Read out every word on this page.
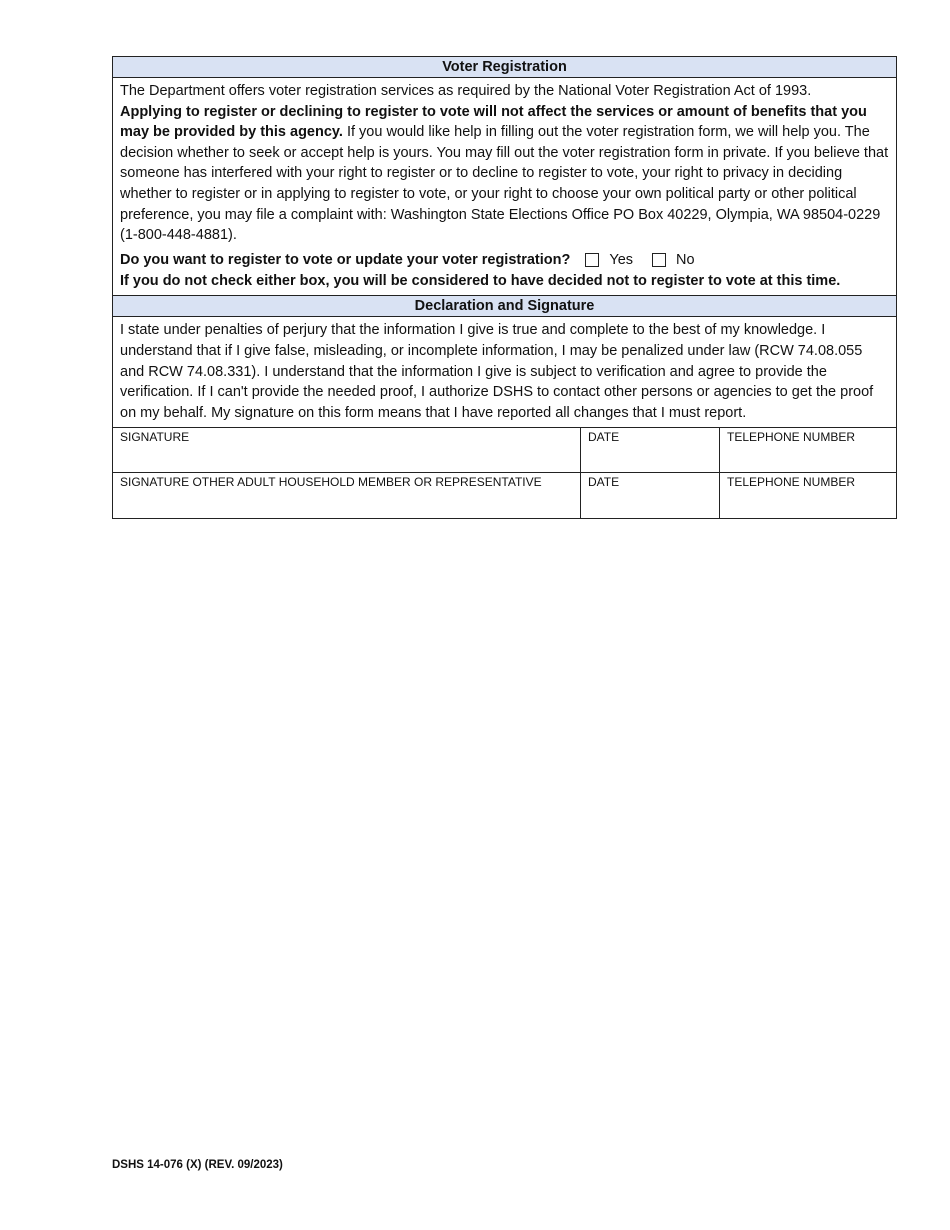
Voter Registration

The Department offers voter registration services as required by the National Voter Registration Act of 1993.
Applying to register or declining to register to vote will not affect the services or amount of benefits that you may be provided by this agency. If you would like help in filling out the voter registration form, we will help you. The decision whether to seek or accept help is yours. You may fill out the voter registration form in private. If you believe that someone has interfered with your right to register or to decline to register to vote, your right to privacy in deciding whether to register or in applying to register to vote, or your right to choose your own political party or other political preference, you may file a complaint with: Washington State Elections Office PO Box 40229, Olympia, WA 98504-0229 (1-800-448-4881).

Do you want to register to vote or update your voter registration?	Yes	No

If you do not check either box, you will be considered to have decided not to register to vote at this time.

Declaration and Signature

I state under penalties of perjury that the information I give is true and complete to the best of my knowledge. I understand that if I give false, misleading, or incomplete information, I may be penalized under law (RCW 74.08.055 and RCW 74.08.331). I understand that the information I give is subject to verification and agree to provide the verification. If I can't provide the needed proof, I authorize DSHS to contact other persons or agencies to get the proof on my behalf. My signature on this form means that I have reported all changes that I must report.

SIGNATURE	DATE	TELEPHONE NUMBER
SIGNATURE OTHER ADULT HOUSEHOLD MEMBER OR REPRESENTATIVE	DATE	TELEPHONE NUMBER
DSHS 14-076 (X) (REV. 09/2023)
